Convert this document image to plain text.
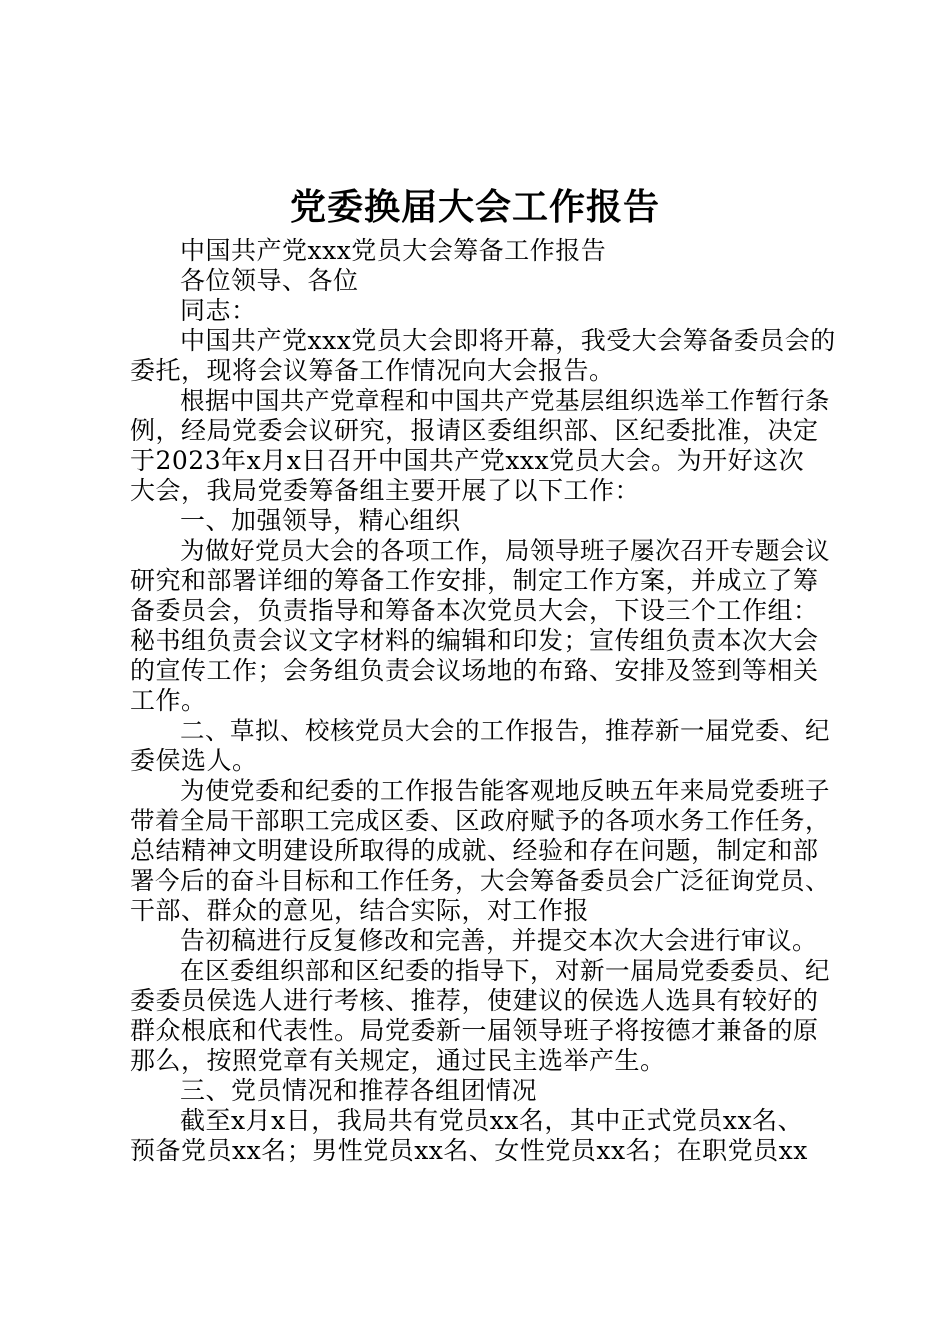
党委换届大会工作报告
中国共产党xxx党员大会筹备工作报告
各位领导、各位
同志：
中国共产党xxx党员大会即将开幕，我受大会筹备委员会的
委托，现将会议筹备工作情况向大会报告。
根据中国共产党章程和中国共产党基层组织选举工作暂行条
例，经局党委会议研究，报请区委组织部、区纪委批准，决定
于2023年x月x日召开中国共产党xxx党员大会。为开好这次
大会，我局党委筹备组主要开展了以下工作：
一、加强领导，精心组织
为做好党员大会的各项工作，局领导班子屡次召开专题会议
研究和部署详细的筹备工作安排，制定工作方案，并成立了筹
备委员会，负责指导和筹备本次党员大会，下设三个工作组：
秘书组负责会议文字材料的编辑和印发；宣传组负责本次大会
的宣传工作；会务组负责会议场地的布臵、安排及签到等相关
工作。
二、草拟、校核党员大会的工作报告，推荐新一届党委、纪
委侯选人。
为使党委和纪委的工作报告能客观地反映五年来局党委班子
带着全局干部职工完成区委、区政府赋予的各项水务工作任务，
总结精神文明建设所取得的成就、经验和存在问题，制定和部
署今后的奋斗目标和工作任务，大会筹备委员会广泛征询党员、
干部、群众的意见，结合实际，对工作报
告初稿进行反复修改和完善，并提交本次大会进行审议。
在区委组织部和区纪委的指导下，对新一届局党委委员、纪
委委员侯选人进行考核、推荐，使建议的侯选人选具有较好的
群众根底和代表性。局党委新一届领导班子将按德才兼备的原
那么，按照党章有关规定，通过民主选举产生。
三、党员情况和推荐各组团情况
截至x月x日，我局共有党员xx名，其中正式党员xx名、
预备党员xx名；男性党员xx名、女性党员xx名；在职党员xx
